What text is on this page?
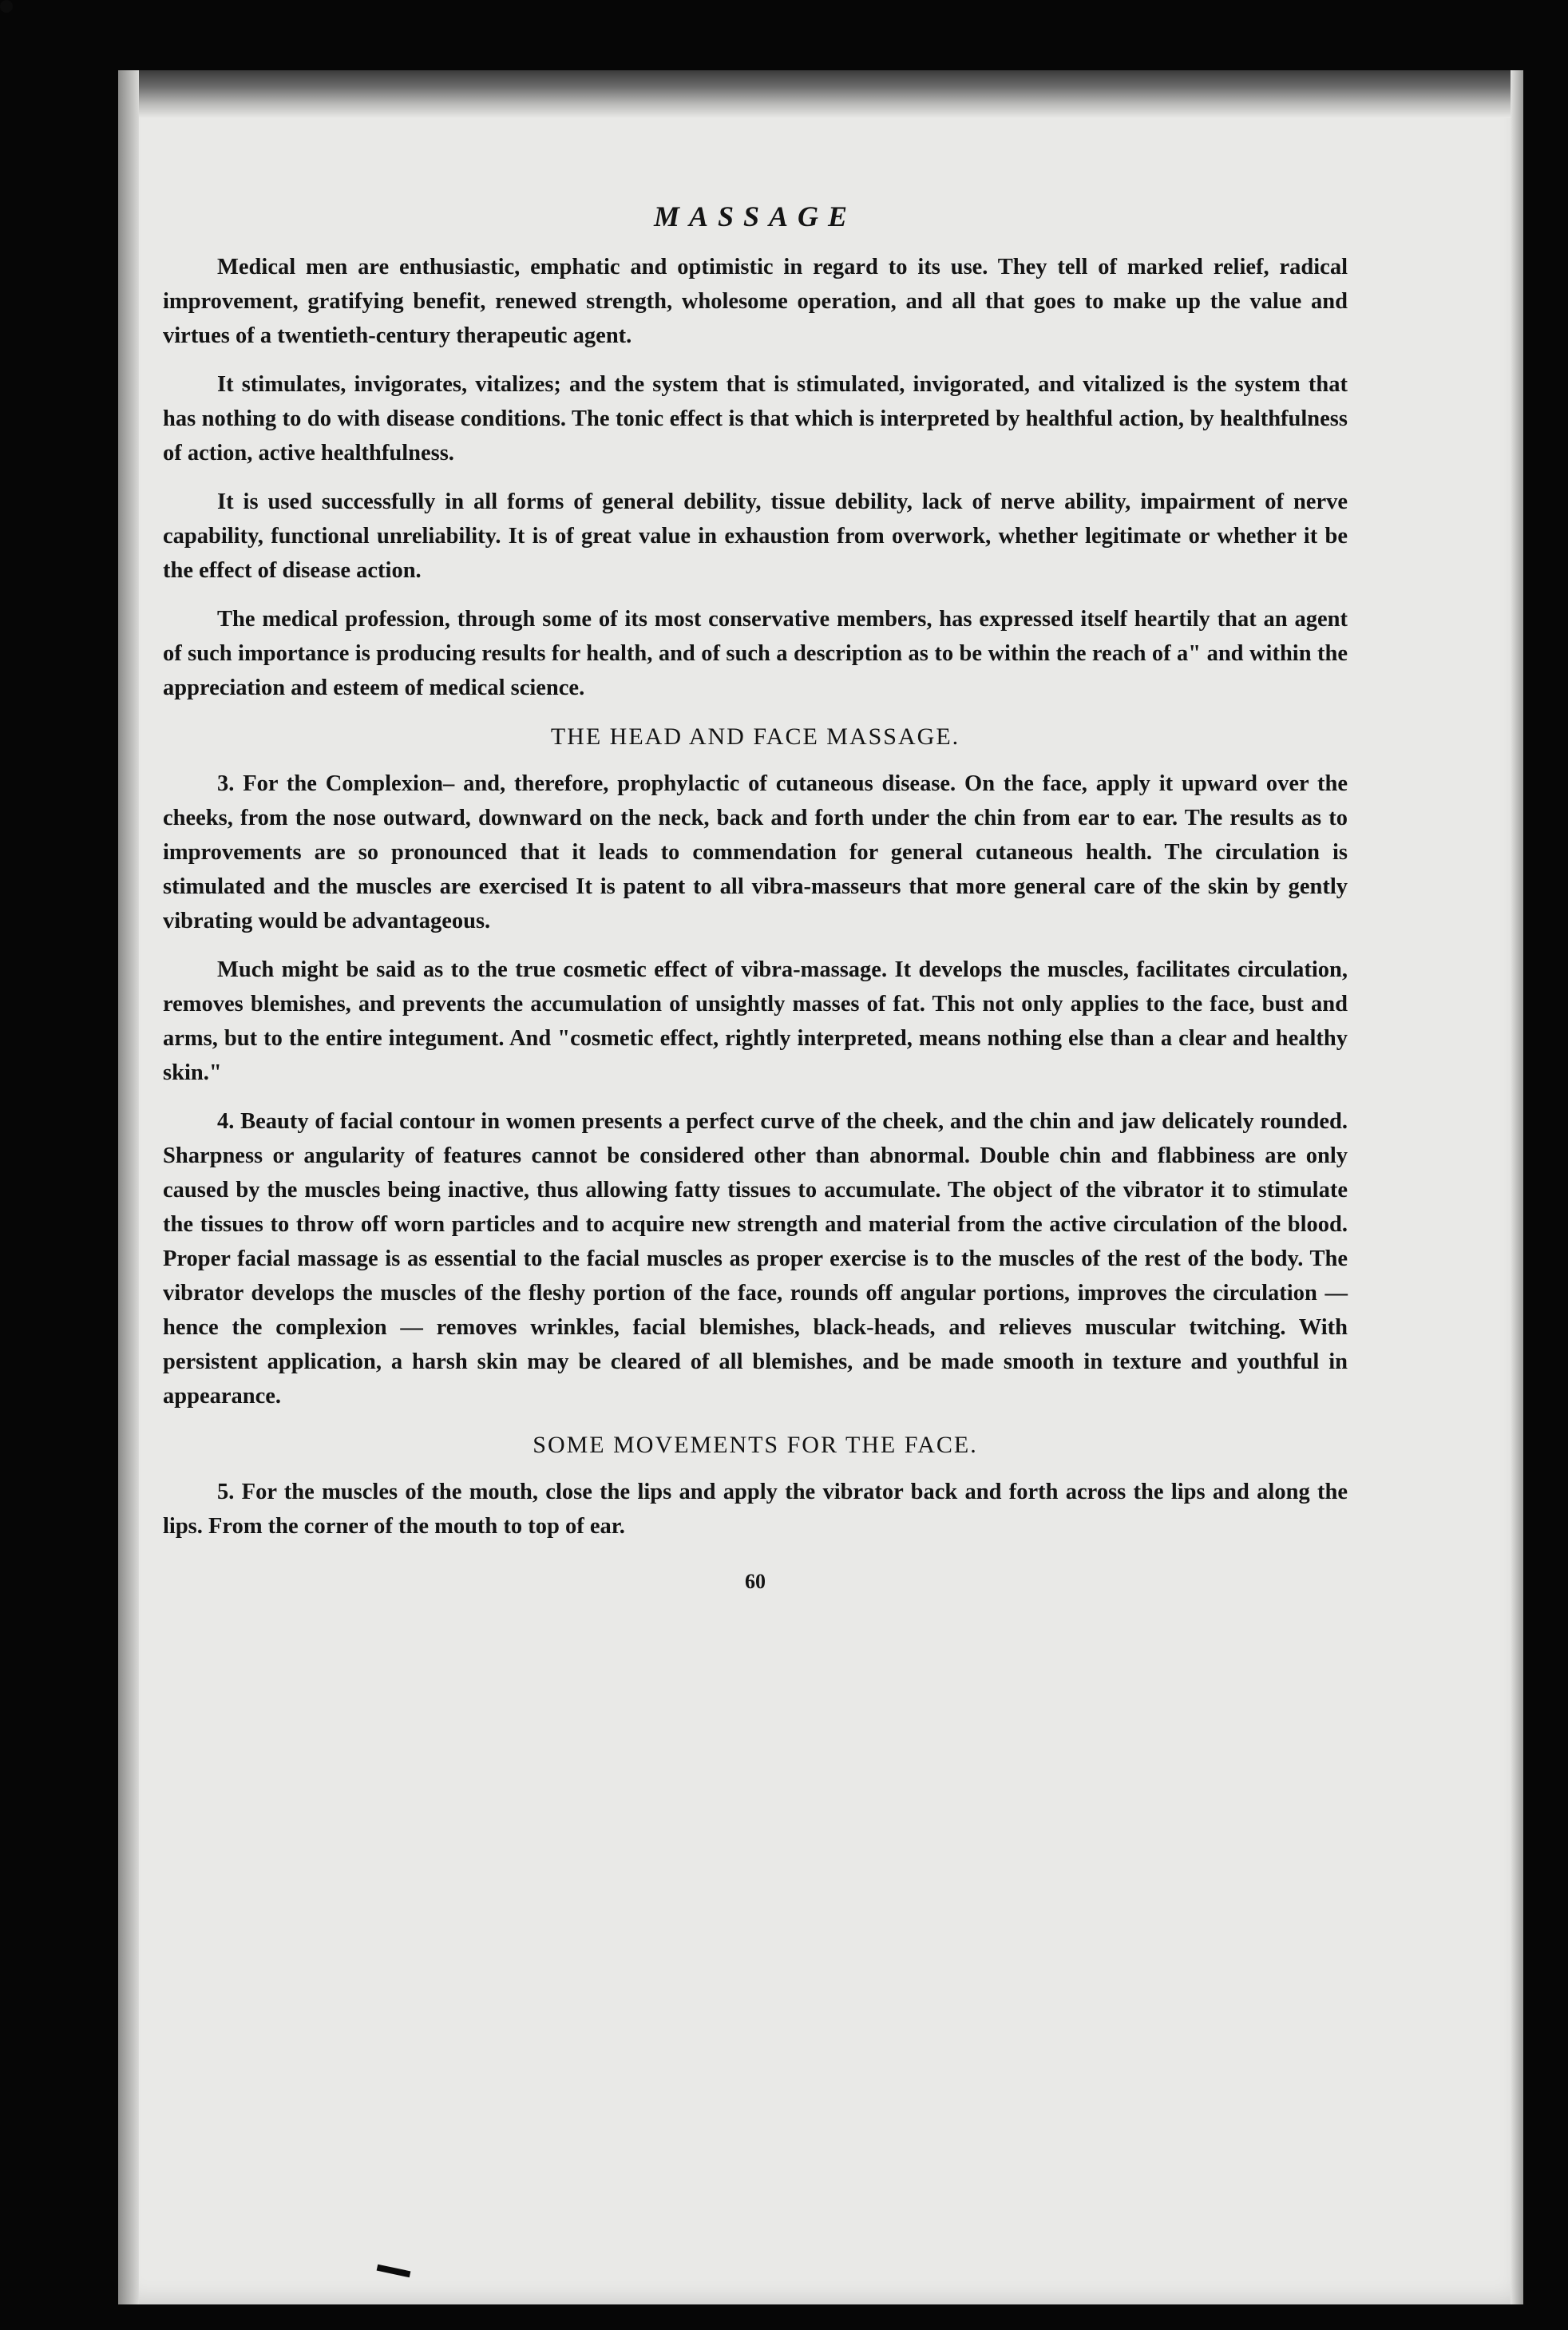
MASSAGE

Medical men are enthusiastic, emphatic and optimistic in regard to its use. They tell of marked relief, radical improvement, gratifying benefit, renewed strength, wholesome operation, and all that goes to make up the value and virtues of a twentieth-century therapeutic agent.

It stimulates, invigorates, vitalizes; and the system that is stimulated, invigorated, and vitalized is the system that has nothing to do with disease conditions. The tonic effect is that which is interpreted by healthful action, by healthfulness of action, active healthfulness.

It is used successfully in all forms of general debility, tissue debility, lack of nerve ability, impairment of nerve capability, functional unreliability. It is of great value in exhaustion from overwork, whether legitimate or whether it be the effect of disease action.

The medical profession, through some of its most conservative members, has expressed itself heartily that an agent of such importance is producing results for health, and of such a description as to be within the reach of a" and within the appreciation and esteem of medical science.

THE HEAD AND FACE MASSAGE.

3. For the Complexion– and, therefore, prophylactic of cutaneous disease. On the face, apply it upward over the cheeks, from the nose outward, downward on the neck, back and forth under the chin from ear to ear. The results as to improvements are so pronounced that it leads to commendation for general cutaneous health. The circulation is stimulated and the muscles are exercised It is patent to all vibra-masseurs that more general care of the skin by gently vibrating would be advantageous.

Much might be said as to the true cosmetic effect of vibra-massage. It develops the muscles, facilitates circulation, removes blemishes, and prevents the accumulation of unsightly masses of fat. This not only applies to the face, bust and arms, but to the entire integument. And "cosmetic effect, rightly interpreted, means nothing else than a clear and healthy skin."

4. Beauty of facial contour in women presents a perfect curve of the cheek, and the chin and jaw delicately rounded. Sharpness or angularity of features cannot be considered other than abnormal. Double chin and flabbiness are only caused by the muscles being inactive, thus allowing fatty tissues to accumulate. The object of the vibrator it to stimulate the tissues to throw off worn particles and to acquire new strength and material from the active circulation of the blood. Proper facial massage is as essential to the facial muscles as proper exercise is to the muscles of the rest of the body. The vibrator develops the muscles of the fleshy portion of the face, rounds off angular portions, improves the circulation — hence the complexion — removes wrinkles, facial blemishes, black-heads, and relieves muscular twitching. With persistent application, a harsh skin may be cleared of all blemishes, and be made smooth in texture and youthful in appearance.

SOME MOVEMENTS FOR THE FACE.

5. For the muscles of the mouth, close the lips and apply the vibrator back and forth across the lips and along the lips. From the corner of the mouth to top of ear.

60
